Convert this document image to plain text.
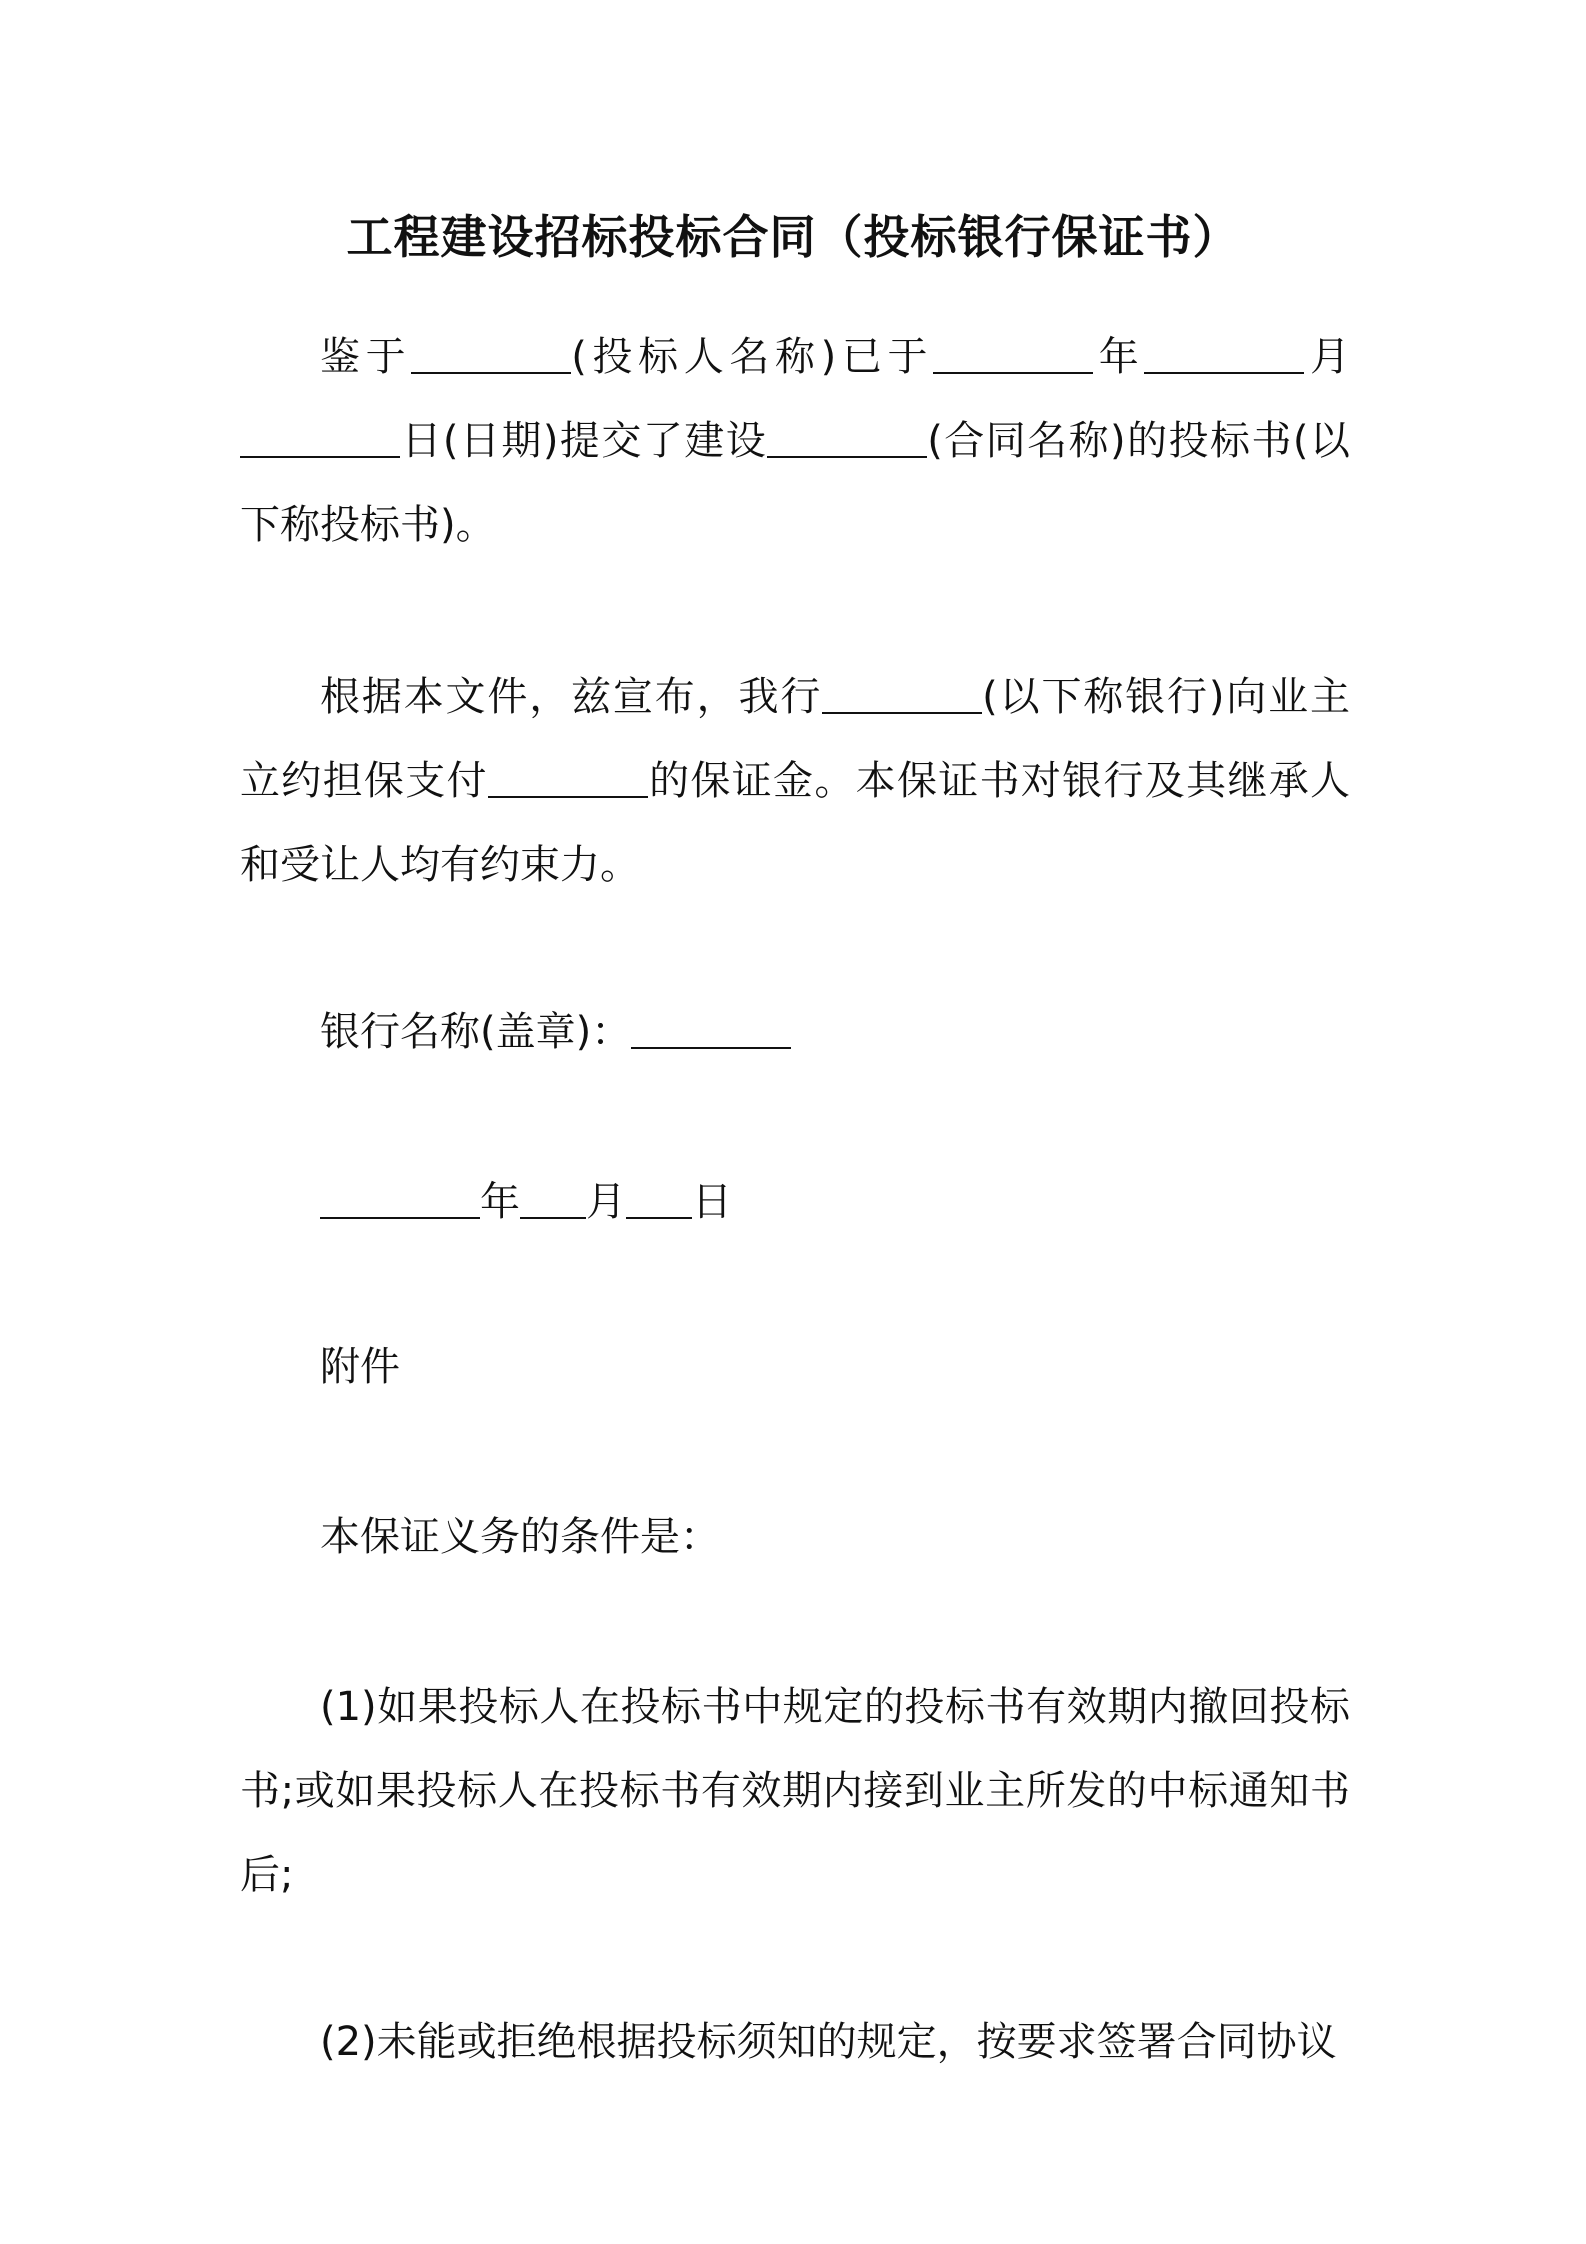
工程建设招标投标合同（投标银行保证书）

鉴于	(投标人名称)已于	年	月日(日期)提交了建设	(合同名称)的投标书(以下称投标书)。

根据本文件，兹宣布，我行	(以下称银行)向业主立约担保支付	的保证金。本保证书对银行及其继承人和受让人均有约束力。

银行名称(盖章)：

年 月 日

附件

本保证义务的条件是：

(1)如果投标人在投标书中规定的投标书有效期内撤回投标书;或如果投标人在投标书有效期内接到业主所发的中标通知书后;

(2)未能或拒绝根据投标须知的规定，按要求签署合同协议
